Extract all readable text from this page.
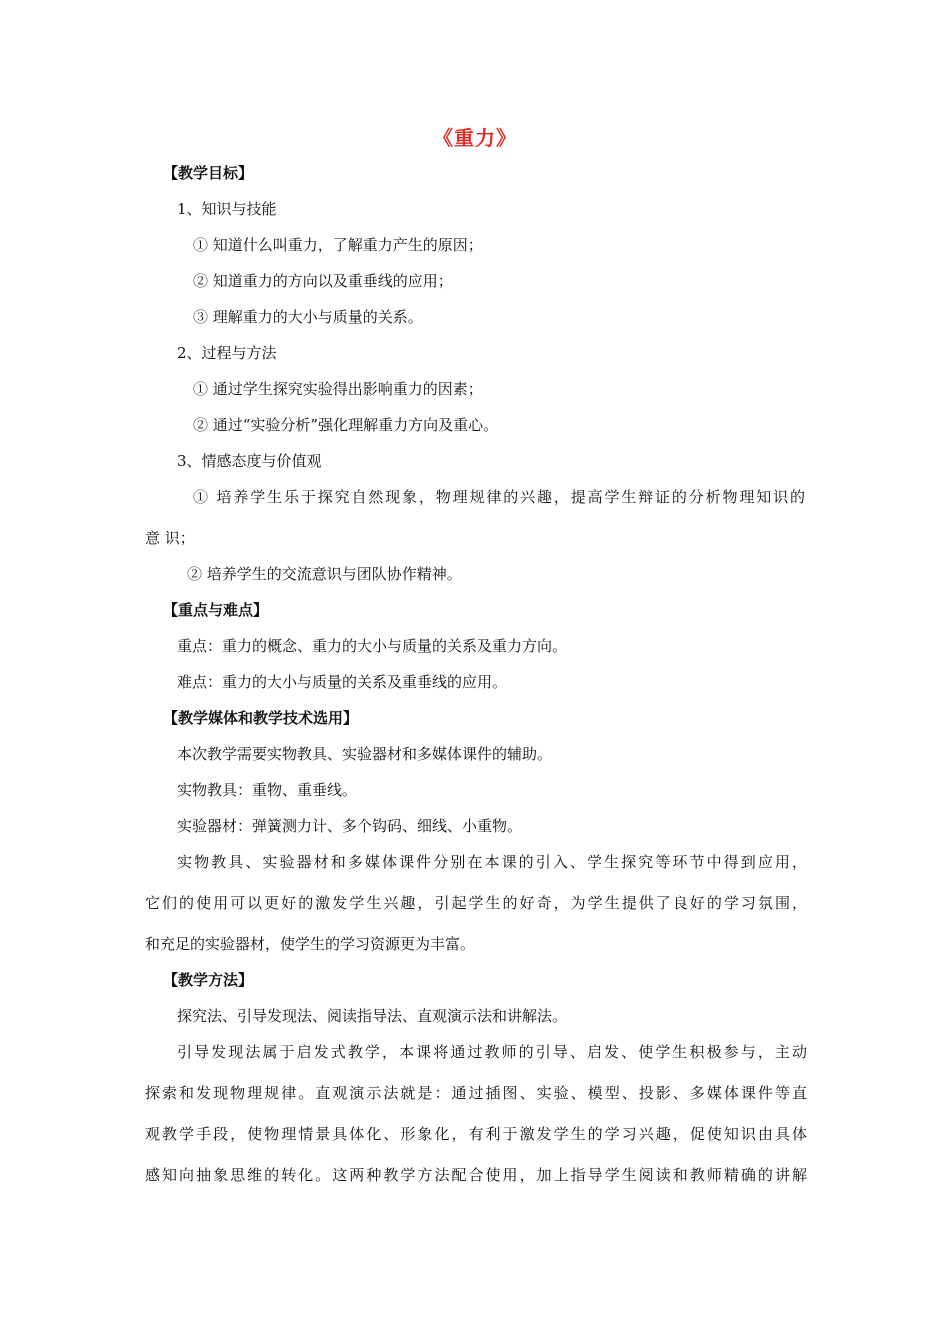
《重力》
【教学目标】
1、知识与技能
① 知道什么叫重力，了解重力产生的原因；
② 知道重力的方向以及重垂线的应用；
③ 理解重力的大小与质量的关系。
2、过程与方法
① 通过学生探究实验得出影响重力的因素；
② 通过“实验分析”强化理解重力方向及重心。
3、情感态度与价值观
① 培养学生乐于探究自然现象，物理规律的兴趣，提高学生辩证的分析物理知识的
意 识；
② 培养学生的交流意识与团队协作精神。
【重点与难点】
重点：重力的概念、重力的大小与质量的关系及重力方向。
难点：重力的大小与质量的关系及重垂线的应用。
【教学媒体和教学技术选用】
本次教学需要实物教具、实验器材和多媒体课件的辅助。
实物教具：重物、重垂线。
实验器材：弹簧测力计、多个钩码、细线、小重物。
实物教具、实验器材和多媒体课件分别在本课的引入、学生探究等环节中得到应用，
它们的使用可以更好的激发学生兴趣，引起学生的好奇，为学生提供了良好的学习氛围，
和充足的实验器材，使学生的学习资源更为丰富。
【教学方法】
探究法、引导发现法、阅读指导法、直观演示法和讲解法。
引导发现法属于启发式教学，本课将通过教师的引导、启发、使学生积极参与，主动
探索和发现物理规律。直观演示法就是：通过插图、实验、模型、投影、多媒体课件等直
观教学手段，使物理情景具体化、形象化，有利于激发学生的学习兴趣，促使知识由具体
感知向抽象思维的转化。这两种教学方法配合使用，加上指导学生阅读和教师精确的讲解
